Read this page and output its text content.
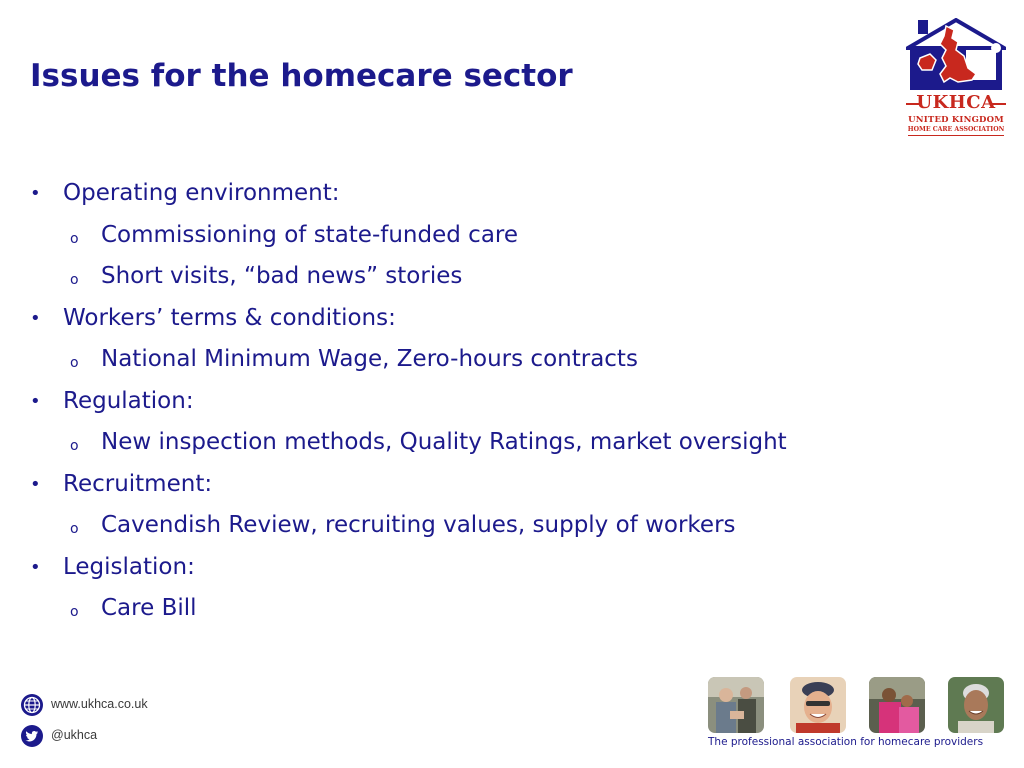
Issues for the homecare sector
UKHCA
UNITED KINGDOM
HOME CARE ASSOCIATION
• Operating environment:
o Commissioning of state-funded care
o Short visits, “bad news” stories
• Workers’ terms & conditions:
o National Minimum Wage, Zero-hours contracts
• Regulation:
o New inspection methods, Quality Ratings, market oversight
• Recruitment:
o Cavendish Review, recruiting values, supply of workers
• Legislation:
o Care Bill
www.ukhca.co.uk
@ukhca	The professional association for homecare providers
